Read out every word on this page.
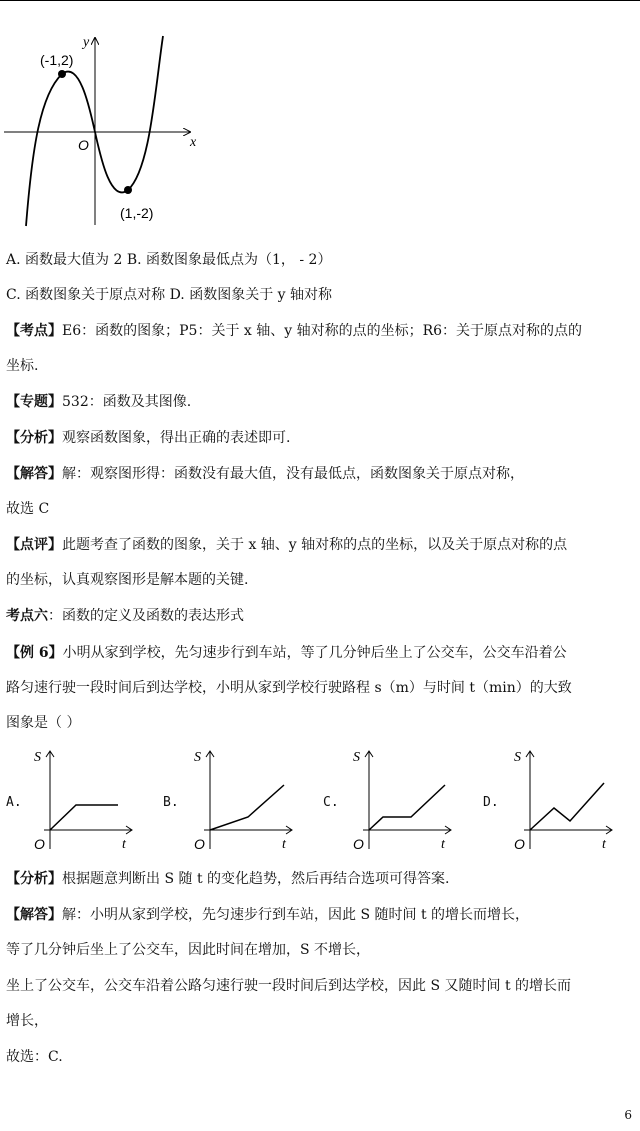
(-1,2)
(1,-2)
O	x
y
A. 函数最大值为 2 B. 函数图象最低点为（1， - 2）
C. 函数图象关于原点对称 D. 函数图象关于 y 轴对称
【考点】E6：函数的图象；P5：关于 x 轴、y 轴对称的点的坐标；R6：关于原点对称的点的
坐标.
【专题】532：函数及其图像.
【分析】观察函数图象，得出正确的表述即可.
【解答】解：观察图形得：函数没有最大值，没有最低点，函数图象关于原点对称，
故选 C
【点评】此题考查了函数的图象，关于 x 轴、y 轴对称的点的坐标，以及关于原点对称的点
的坐标，认真观察图形是解本题的关键.
考点六：函数的定义及函数的表达形式
【例 6】小明从家到学校，先匀速步行到车站，等了几分钟后坐上了公交车，公交车沿着公
路匀速行驶一段时间后到达学校，小明从家到学校行驶路程 s（m）与时间 t（min）的大致
图象是（ ）
A.
S
t
O
B.
S
t
O
C.
S
t
O
D.
S
t
O
【分析】根据题意判断出 S 随 t 的变化趋势，然后再结合选项可得答案.
【解答】解：小明从家到学校，先匀速步行到车站，因此 S 随时间 t 的增长而增长，
等了几分钟后坐上了公交车，因此时间在增加，S 不增长，
坐上了公交车，公交车沿着公路匀速行驶一段时间后到达学校，因此 S 又随时间 t 的增长而
增长，
故选：C.
6
